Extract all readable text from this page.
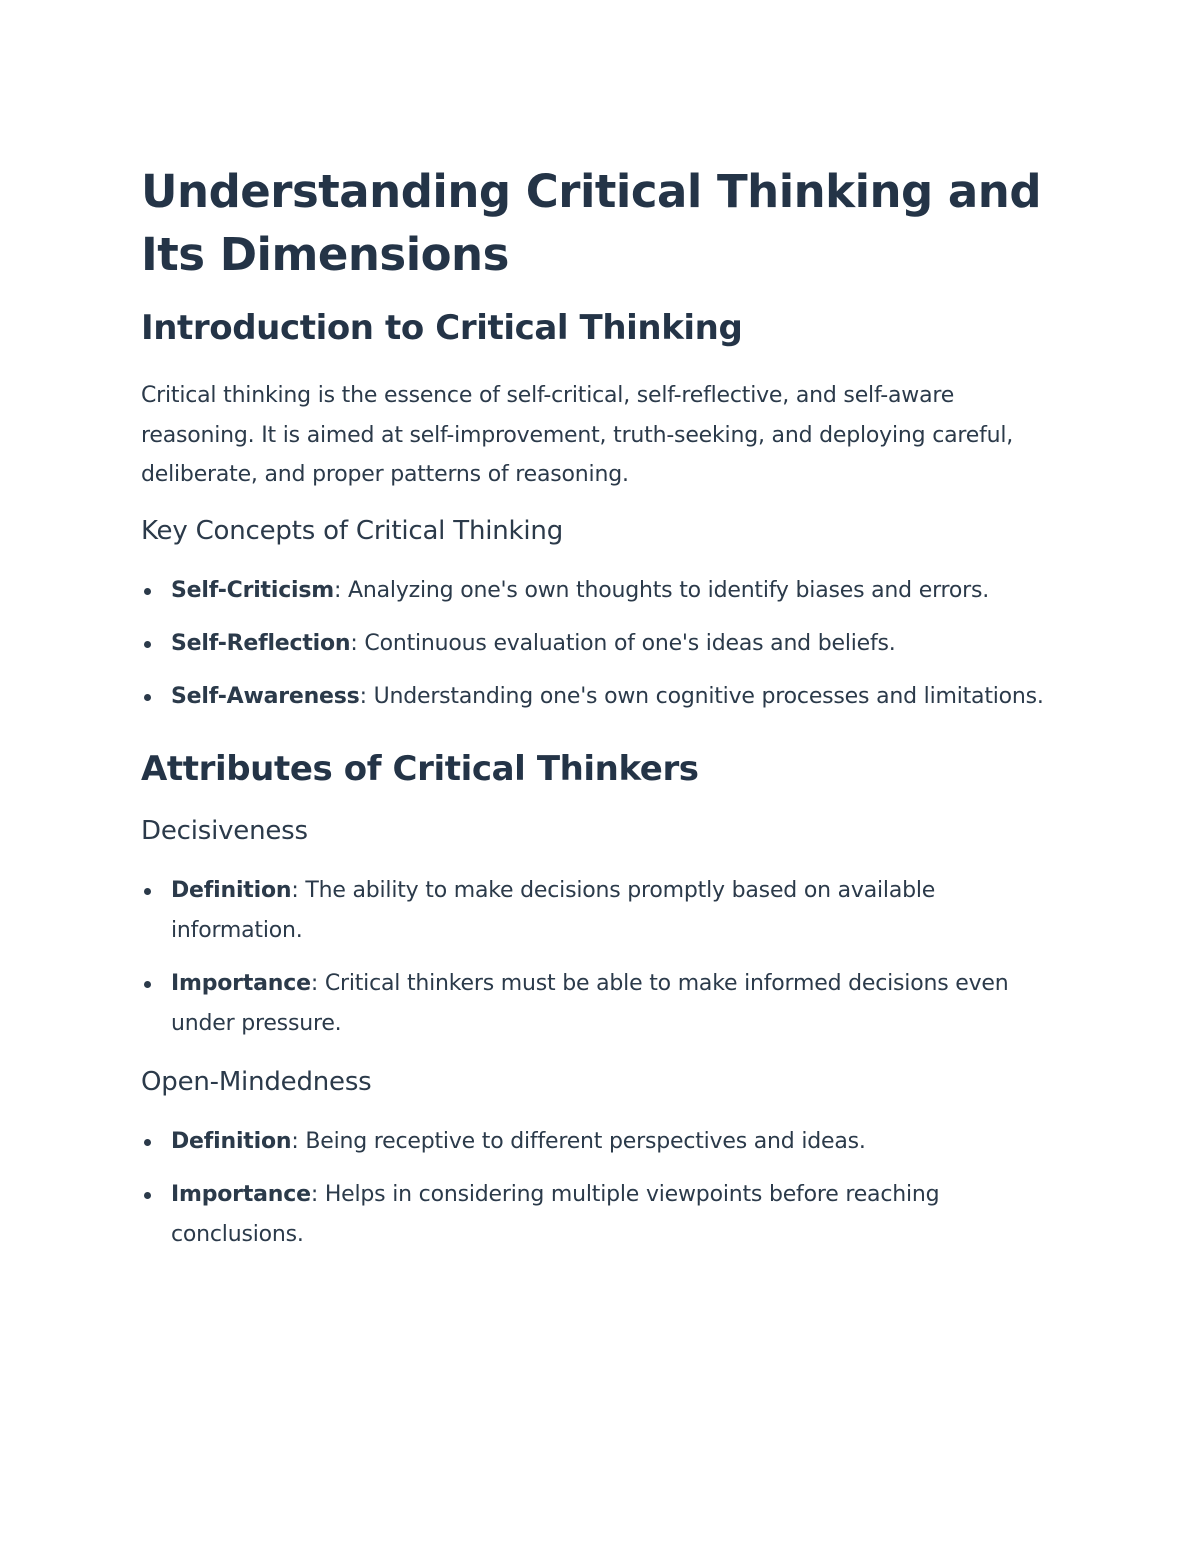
Understanding Critical Thinking and Its Dimensions
Introduction to Critical Thinking

Critical thinking is the essence of self-critical, self-reflective, and self-aware reasoning. It is aimed at self-improvement, truth-seeking, and deploying careful, deliberate, and proper patterns of reasoning.

Key Concepts of Critical Thinking
Self-Criticism: Analyzing one's own thoughts to identify biases and errors.
Self-Reflection: Continuous evaluation of one's ideas and beliefs.
Self-Awareness: Understanding one's own cognitive processes and limitations.
Attributes of Critical Thinkers
Decisiveness
Definition: The ability to make decisions promptly based on available information.
Importance: Critical thinkers must be able to make informed decisions even under pressure.
Open-Mindedness
Definition: Being receptive to different perspectives and ideas.
Importance: Helps in considering multiple viewpoints before reaching conclusions.
